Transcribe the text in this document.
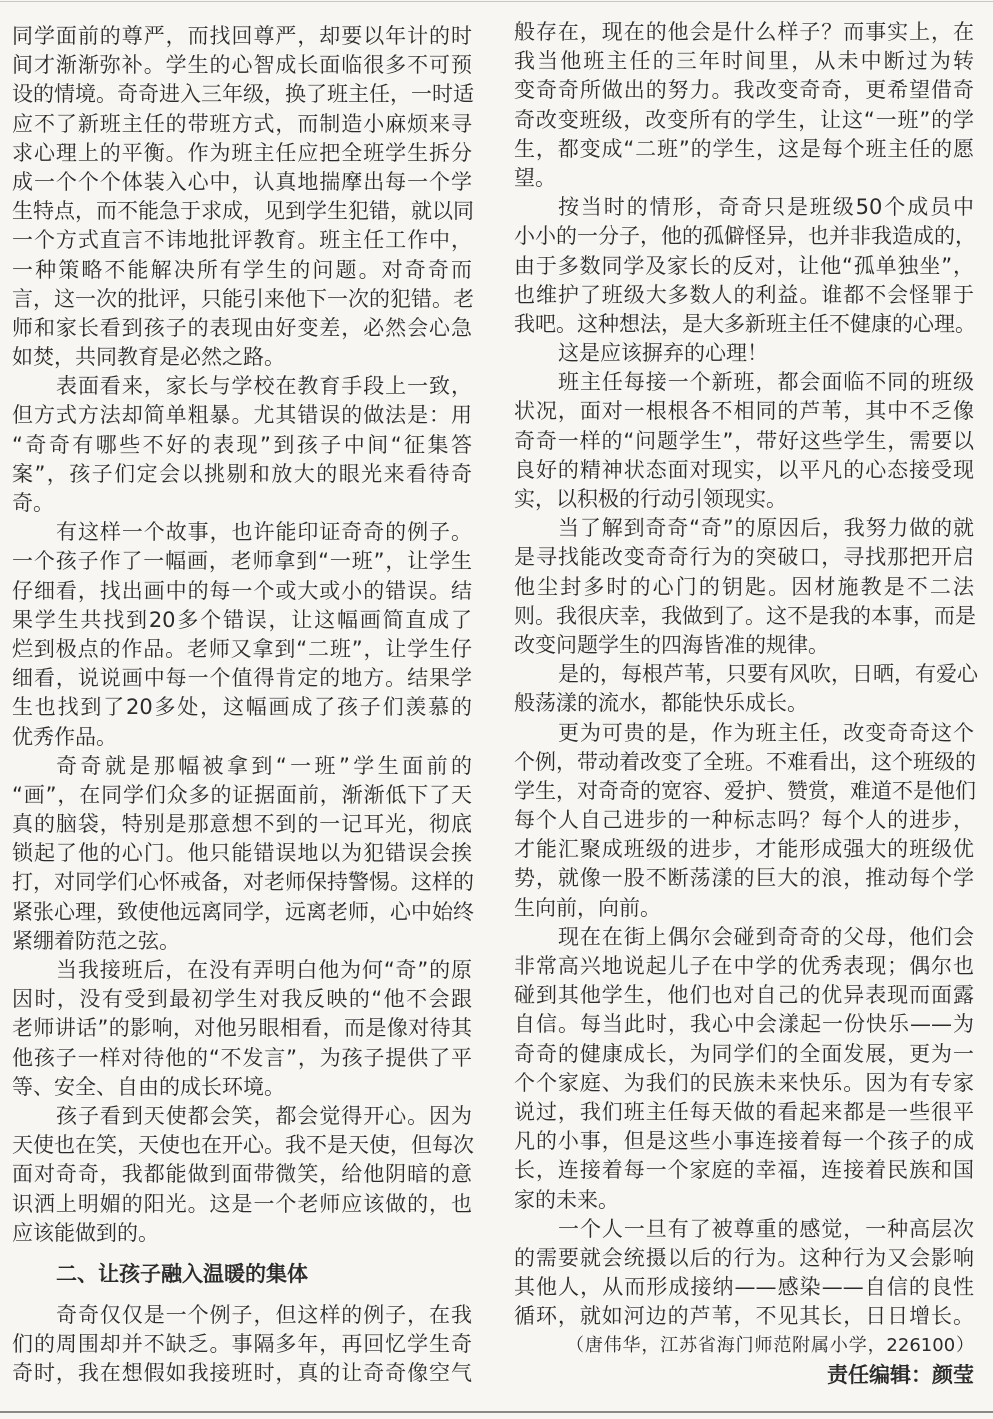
同学面前的尊严，而找回尊严，却要以年计的时
间才渐渐弥补。学生的心智成长面临很多不可预
设的情境。奇奇进入三年级，换了班主任，一时适
应不了新班主任的带班方式，而制造小麻烦来寻
求心理上的平衡。作为班主任应把全班学生拆分
成一个个个体装入心中，认真地揣摩出每一个学
生特点，而不能急于求成，见到学生犯错，就以同
一个方式直言不讳地批评教育。班主任工作中，
一种策略不能解决所有学生的问题。对奇奇而
言，这一次的批评，只能引来他下一次的犯错。老
师和家长看到孩子的表现由好变差，必然会心急
如焚，共同教育是必然之路。
表面看来，家长与学校在教育手段上一致，
但方式方法却简单粗暴。尤其错误的做法是：用
“奇奇有哪些不好的表现”到孩子中间“征集答
案”，孩子们定会以挑剔和放大的眼光来看待奇
奇。
有这样一个故事，也许能印证奇奇的例子。
一个孩子作了一幅画，老师拿到“一班”，让学生
仔细看，找出画中的每一个或大或小的错误。结
果学生共找到20多个错误，让这幅画简直成了
烂到极点的作品。老师又拿到“二班”，让学生仔
细看，说说画中每一个值得肯定的地方。结果学
生也找到了20多处，这幅画成了孩子们羡慕的
优秀作品。
奇奇就是那幅被拿到“一班”学生面前的
“画”，在同学们众多的证据面前，渐渐低下了天
真的脑袋，特别是那意想不到的一记耳光，彻底
锁起了他的心门。他只能错误地以为犯错误会挨
打，对同学们心怀戒备，对老师保持警惕。这样的
紧张心理，致使他远离同学，远离老师，心中始终
紧绷着防范之弦。
当我接班后，在没有弄明白他为何“奇”的原
因时，没有受到最初学生对我反映的“他不会跟
老师讲话”的影响，对他另眼相看，而是像对待其
他孩子一样对待他的“不发言”，为孩子提供了平
等、安全、自由的成长环境。
孩子看到天使都会笑，都会觉得开心。因为
天使也在笑，天使也在开心。我不是天使，但每次
面对奇奇，我都能做到面带微笑，给他阴暗的意
识洒上明媚的阳光。这是一个老师应该做的，也
应该能做到的。
二、让孩子融入温暖的集体
奇奇仅仅是一个例子，但这样的例子，在我
们的周围却并不缺乏。事隔多年，再回忆学生奇
奇时，我在想假如我接班时，真的让奇奇像空气
般存在，现在的他会是什么样子？而事实上，在
我当他班主任的三年时间里，从未中断过为转
变奇奇所做出的努力。我改变奇奇，更希望借奇
奇改变班级，改变所有的学生，让这“一班”的学
生，都变成“二班”的学生，这是每个班主任的愿
望。
按当时的情形，奇奇只是班级50个成员中
小小的一分子，他的孤僻怪异，也并非我造成的，
由于多数同学及家长的反对，让他“孤单独坐”，
也维护了班级大多数人的利益。谁都不会怪罪于
我吧。这种想法，是大多新班主任不健康的心理。
这是应该摒弃的心理！
班主任每接一个新班，都会面临不同的班级
状况，面对一根根各不相同的芦苇，其中不乏像
奇奇一样的“问题学生”，带好这些学生，需要以
良好的精神状态面对现实，以平凡的心态接受现
实，以积极的行动引领现实。
当了解到奇奇“奇”的原因后，我努力做的就
是寻找能改变奇奇行为的突破口，寻找那把开启
他尘封多时的心门的钥匙。因材施教是不二法
则。我很庆幸，我做到了。这不是我的本事，而是
改变问题学生的四海皆准的规律。
是的，每根芦苇，只要有风吹，日晒，有爱心
般荡漾的流水，都能快乐成长。
更为可贵的是，作为班主任，改变奇奇这个
个例，带动着改变了全班。不难看出，这个班级的
学生，对奇奇的宽容、爱护、赞赏，难道不是他们
每个人自己进步的一种标志吗？每个人的进步，
才能汇聚成班级的进步，才能形成强大的班级优
势，就像一股不断荡漾的巨大的浪，推动每个学
生向前，向前。
现在在街上偶尔会碰到奇奇的父母，他们会
非常高兴地说起儿子在中学的优秀表现；偶尔也
碰到其他学生，他们也对自己的优异表现而面露
自信。每当此时，我心中会漾起一份快乐——为
奇奇的健康成长，为同学们的全面发展，更为一
个个家庭、为我们的民族未来快乐。因为有专家
说过，我们班主任每天做的看起来都是一些很平
凡的小事，但是这些小事连接着每一个孩子的成
长，连接着每一个家庭的幸福，连接着民族和国
家的未来。
一个人一旦有了被尊重的感觉，一种高层次
的需要就会统摄以后的行为。这种行为又会影响
其他人，从而形成接纳——感染——自信的良性
循环，就如河边的芦苇，不见其长，日日增长。
（唐伟华，江苏省海门师范附属小学，226100）
责任编辑：颜莹
